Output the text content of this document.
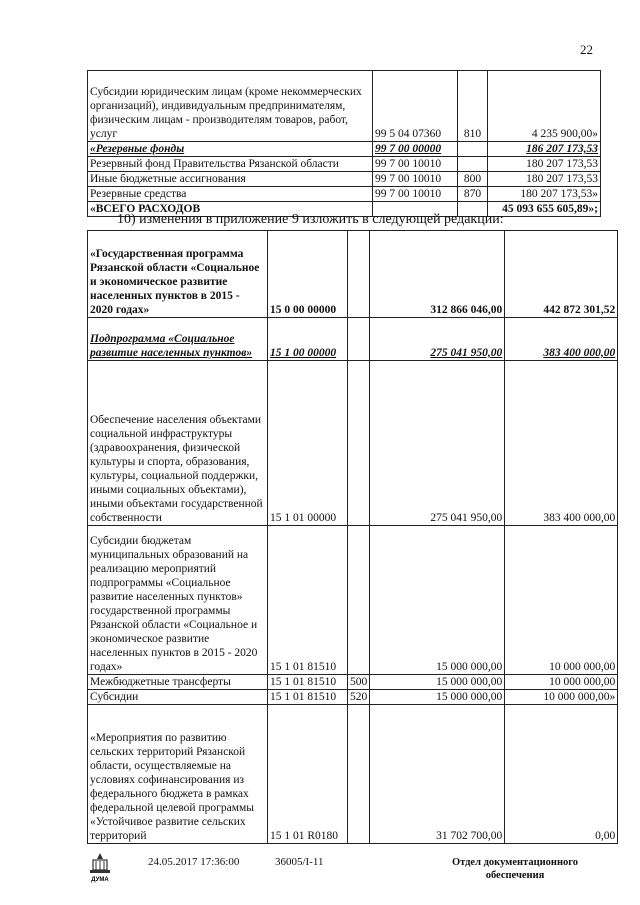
22
Субсидии юридическим лицам (кроме некоммерческих организаций), индивидуальным предпринимателям, физическим лицам - производителям товаров, работ, услуг	99 5 04 07360	810	4 235 900,00»
«Резервные фонды	99 7 00 00000		186 207 173,53
Резервный фонд Правительства Рязанской области	99 7 00 10010		180 207 173,53
Иные бюджетные ассигнования	99 7 00 10010	800	180 207 173,53
Резервные средства	99 7 00 10010	870	180 207 173,53»
«ВСЕГО РАСХОДОВ			45 093 655 605,89»;
10) изменения в приложение 9 изложить в следующей редакции:
«Государственная программа Рязанской области «Социальное и экономическое развитие населенных пунктов в 2015 - 2020 годах»	15 0 00 00000		312 866 046,00	442 872 301,52
Подпрограмма «Социальное развитие населенных пунктов»	15 1 00 00000		275 041 950,00	383 400 000,00
Обеспечение населения объектами социальной инфраструктуры (здравоохранения, физической культуры и спорта, образования, культуры, социальной поддержки, иными социальных объектами), иными объектами государственной собственности	15 1 01 00000		275 041 950,00	383 400 000,00
Субсидии бюджетам муниципальных образований на реализацию мероприятий подпрограммы «Социальное развитие населенных пунктов» государственной программы Рязанской области «Социальное и экономическое развитие населенных пунктов в 2015 - 2020 годах»	15 1 01 81510		15 000 000,00	10 000 000,00
Межбюджетные трансферты	15 1 01 81510	500	15 000 000,00	10 000 000,00
Субсидии	15 1 01 81510	520	15 000 000,00	10 000 000,00»
«Мероприятия по развитию сельских территорий Рязанской области, осуществляемые на условиях софинансирования из федерального бюджета в рамках федеральной целевой программы «Устойчивое развитие сельских территорий	15 1 01 R0180		31 702 700,00	0,00
ДУМА
24.05.2017 17:36:00	36005/I-11	Отдел документационного обеспечения
